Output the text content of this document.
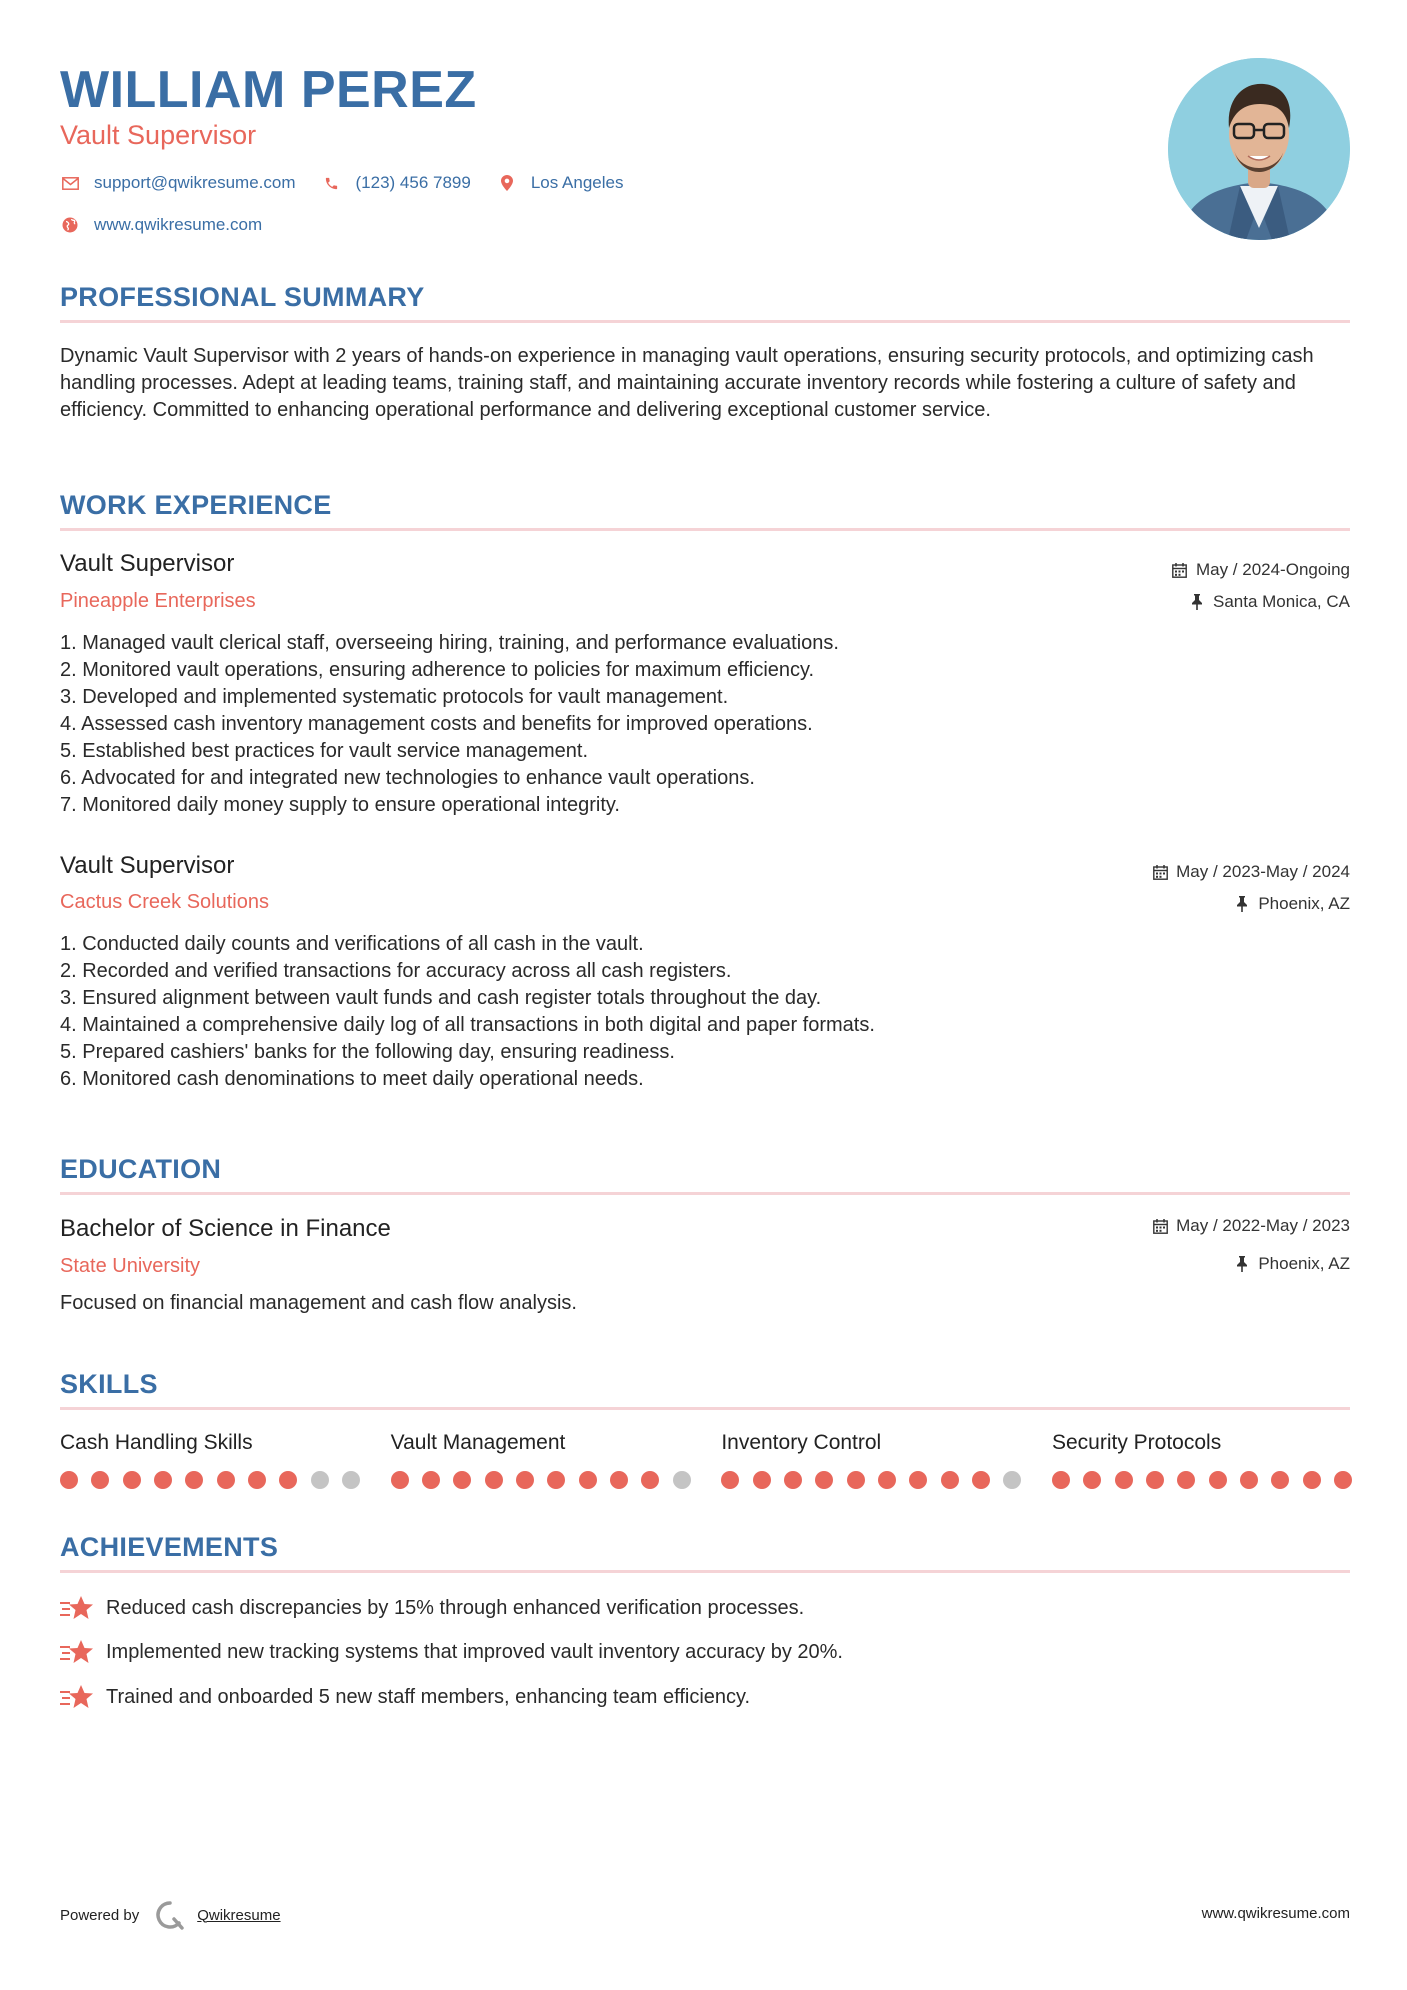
WILLIAM PEREZ
Vault Supervisor
support@qwikresume.com	(123) 456 7899	Los Angeles
www.qwikresume.com
PROFESSIONAL SUMMARY
Dynamic Vault Supervisor with 2 years of hands-on experience in managing vault operations, ensuring security protocols, and optimizing cash handling processes. Adept at leading teams, training staff, and maintaining accurate inventory records while fostering a culture of safety and efficiency. Committed to enhancing operational performance and delivering exceptional customer service.
WORK EXPERIENCE
Vault Supervisor
Pineapple Enterprises
May / 2024-Ongoing
Santa Monica, CA
1. Managed vault clerical staff, overseeing hiring, training, and performance evaluations.
2. Monitored vault operations, ensuring adherence to policies for maximum efficiency.
3. Developed and implemented systematic protocols for vault management.
4. Assessed cash inventory management costs and benefits for improved operations.
5. Established best practices for vault service management.
6. Advocated for and integrated new technologies to enhance vault operations.
7. Monitored daily money supply to ensure operational integrity.
Vault Supervisor
Cactus Creek Solutions
May / 2023-May / 2024
Phoenix, AZ
1. Conducted daily counts and verifications of all cash in the vault.
2. Recorded and verified transactions for accuracy across all cash registers.
3. Ensured alignment between vault funds and cash register totals throughout the day.
4. Maintained a comprehensive daily log of all transactions in both digital and paper formats.
5. Prepared cashiers' banks for the following day, ensuring readiness.
6. Monitored cash denominations to meet daily operational needs.
EDUCATION
Bachelor of Science in Finance
State University
May / 2022-May / 2023
Phoenix, AZ
Focused on financial management and cash flow analysis.
SKILLS
Cash Handling Skills	Vault Management	Inventory Control	Security Protocols
ACHIEVEMENTS
Reduced cash discrepancies by 15% through enhanced verification processes.
Implemented new tracking systems that improved vault inventory accuracy by 20%.
Trained and onboarded 5 new staff members, enhancing team efficiency.
Powered by	Qwikresume	www.qwikresume.com
